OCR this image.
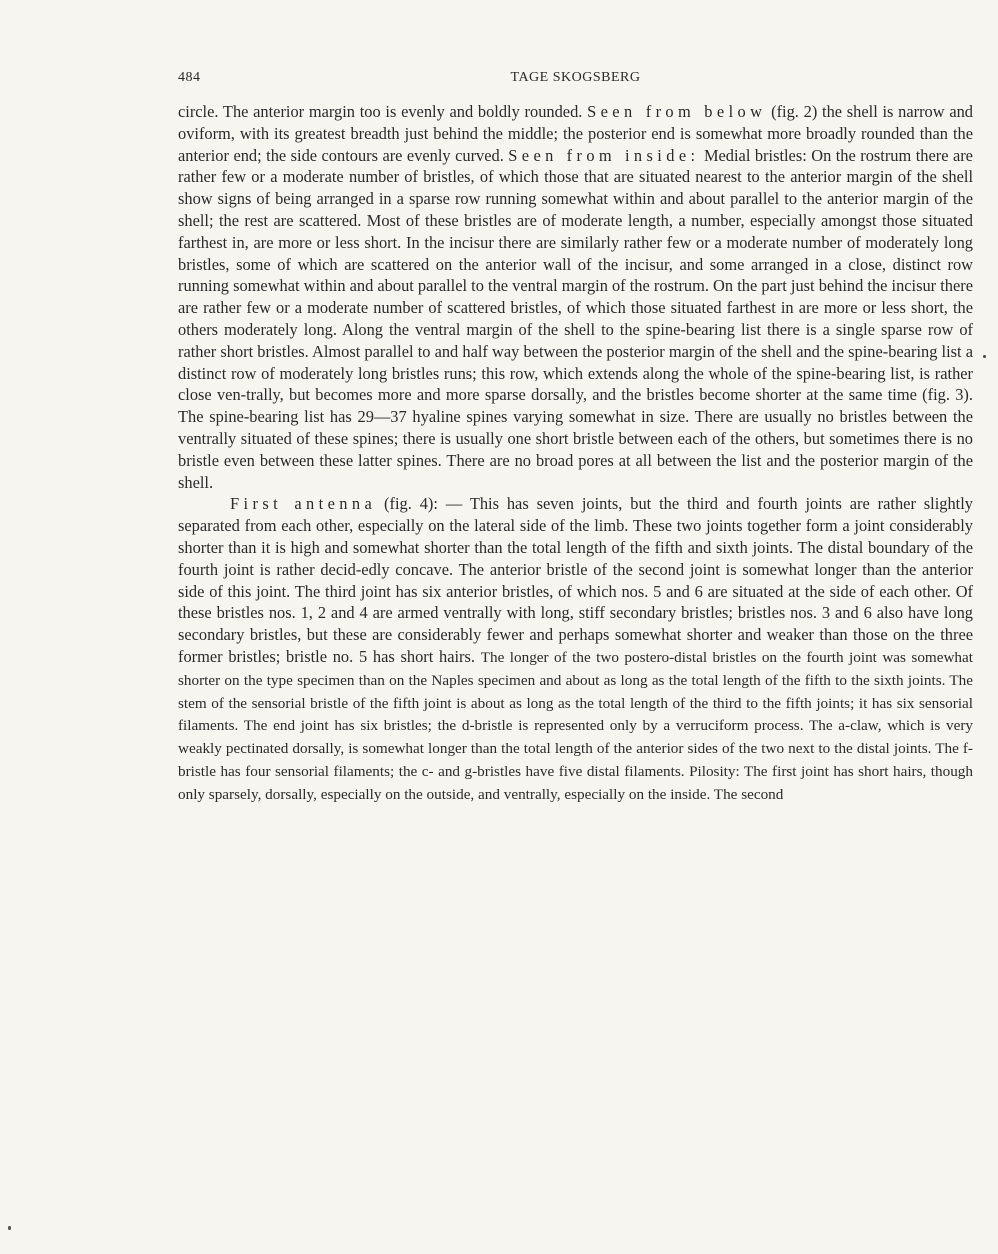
484	TAGE SKOGSBERG

circle. The anterior margin too is evenly and boldly rounded. Seen from below (fig. 2) the shell is narrow and oviform, with its greatest breadth just behind the middle; the posterior end is somewhat more broadly rounded than the anterior end; the side contours are evenly curved. Seen from inside: Medial bristles: On the rostrum there are rather few or a moderate number of bristles, of which those that are situated nearest to the anterior margin of the shell show signs of being arranged in a sparse row running somewhat within and about parallel to the anterior margin of the shell; the rest are scattered. Most of these bristles are of moderate length, a number, especially amongst those situated farthest in, are more or less short. In the incisur there are similarly rather few or a moderate number of moderately long bristles, some of which are scattered on the anterior wall of the incisur, and some arranged in a close, distinct row running somewhat within and about parallel to the ventral margin of the rostrum. On the part just behind the incisur there are rather few or a moderate number of scattered bristles, of which those situated farthest in are more or less short, the others moderately long. Along the ventral margin of the shell to the spine-bearing list there is a single sparse row of rather short bristles. Almost parallel to and half way between the posterior margin of the shell and the spine-bearing list a distinct row of moderately long bristles runs; this row, which extends along the whole of the spine-bearing list, is rather close ven-trally, but becomes more and more sparse dorsally, and the bristles become shorter at the same time (fig. 3). The spine-bearing list has 29—37 hyaline spines varying somewhat in size. There are usually no bristles between the ventrally situated of these spines; there is usually one short bristle between each of the others, but sometimes there is no bristle even between these latter spines. There are no broad pores at all between the list and the posterior margin of the shell.

First antenna (fig. 4): — This has seven joints, but the third and fourth joints are rather slightly separated from each other, especially on the lateral side of the limb. These two joints together form a joint considerably shorter than it is high and somewhat shorter than the total length of the fifth and sixth joints. The distal boundary of the fourth joint is rather decid-edly concave. The anterior bristle of the second joint is somewhat longer than the anterior side of this joint. The third joint has six anterior bristles, of which nos. 5 and 6 are situated at the side of each other. Of these bristles nos. 1, 2 and 4 are armed ventrally with long, stiff secondary bristles; bristles nos. 3 and 6 also have long secondary bristles, but these are considerably fewer and perhaps somewhat shorter and weaker than those on the three former bristles; bristle no. 5 has short hairs. The longer of the two postero-distal bristles on the fourth joint was somewhat shorter on the type specimen than on the Naples specimen and about as long as the total length of the fifth to the sixth joints. The stem of the sensorial bristle of the fifth joint is about as long as the total length of the third to the fifth joints; it has six sensorial filaments. The end joint has six bristles; the d-bristle is represented only by a verruciform process. The a-claw, which is very weakly pectinated dorsally, is somewhat longer than the total length of the anterior sides of the two next to the distal joints. The f-bristle has four sensorial filaments; the c- and g-bristles have five distal filaments. Pilosity: The first joint has short hairs, though only sparsely, dorsally, especially on the outside, and ventrally, especially on the inside. The second
